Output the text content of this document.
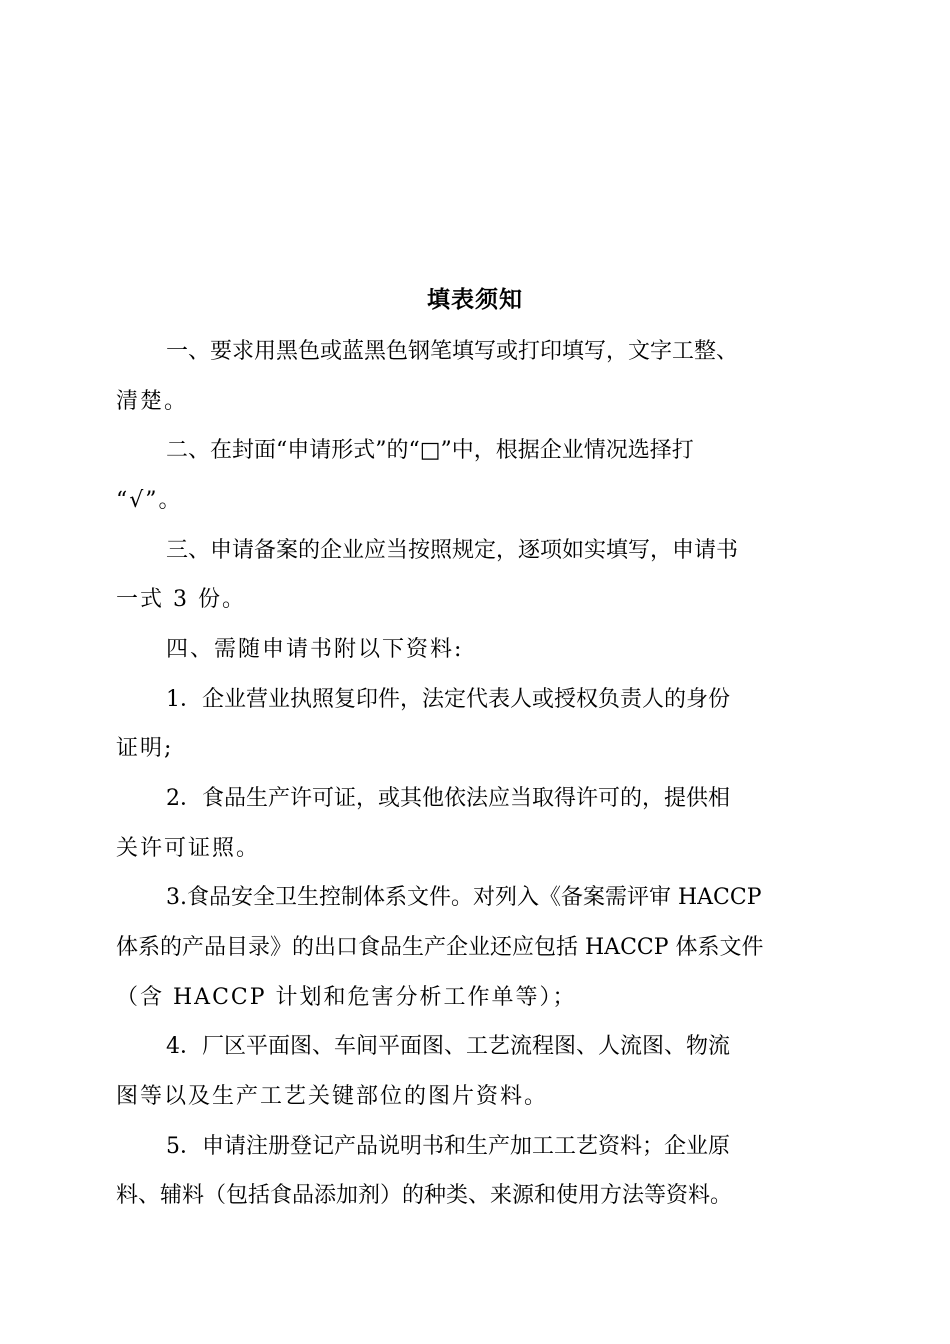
填表须知
一、要求用黑色或蓝黑色钢笔填写或打印填写，文字工整、
清楚。
二、在封面“申请形式”的“□”中，根据企业情况选择打
“√”。
三、申请备案的企业应当按照规定，逐项如实填写，申请书
一式 3 份。
四、需随申请书附以下资料:
1．企业营业执照复印件，法定代表人或授权负责人的身份
证明;
2．食品生产许可证，或其他依法应当取得许可的，提供相
关许可证照。
3.食品安全卫生控制体系文件。对列入《备案需评审 HACCP
体系的产品目录》的出口食品生产企业还应包括 HACCP 体系文件
（含 HACCP 计划和危害分析工作单等）；
4．厂区平面图、车间平面图、工艺流程图、人流图、物流
图等以及生产工艺关键部位的图片资料。
5．申请注册登记产品说明书和生产加工工艺资料；企业原
料、辅料（包括食品添加剂）的种类、来源和使用方法等资料。
